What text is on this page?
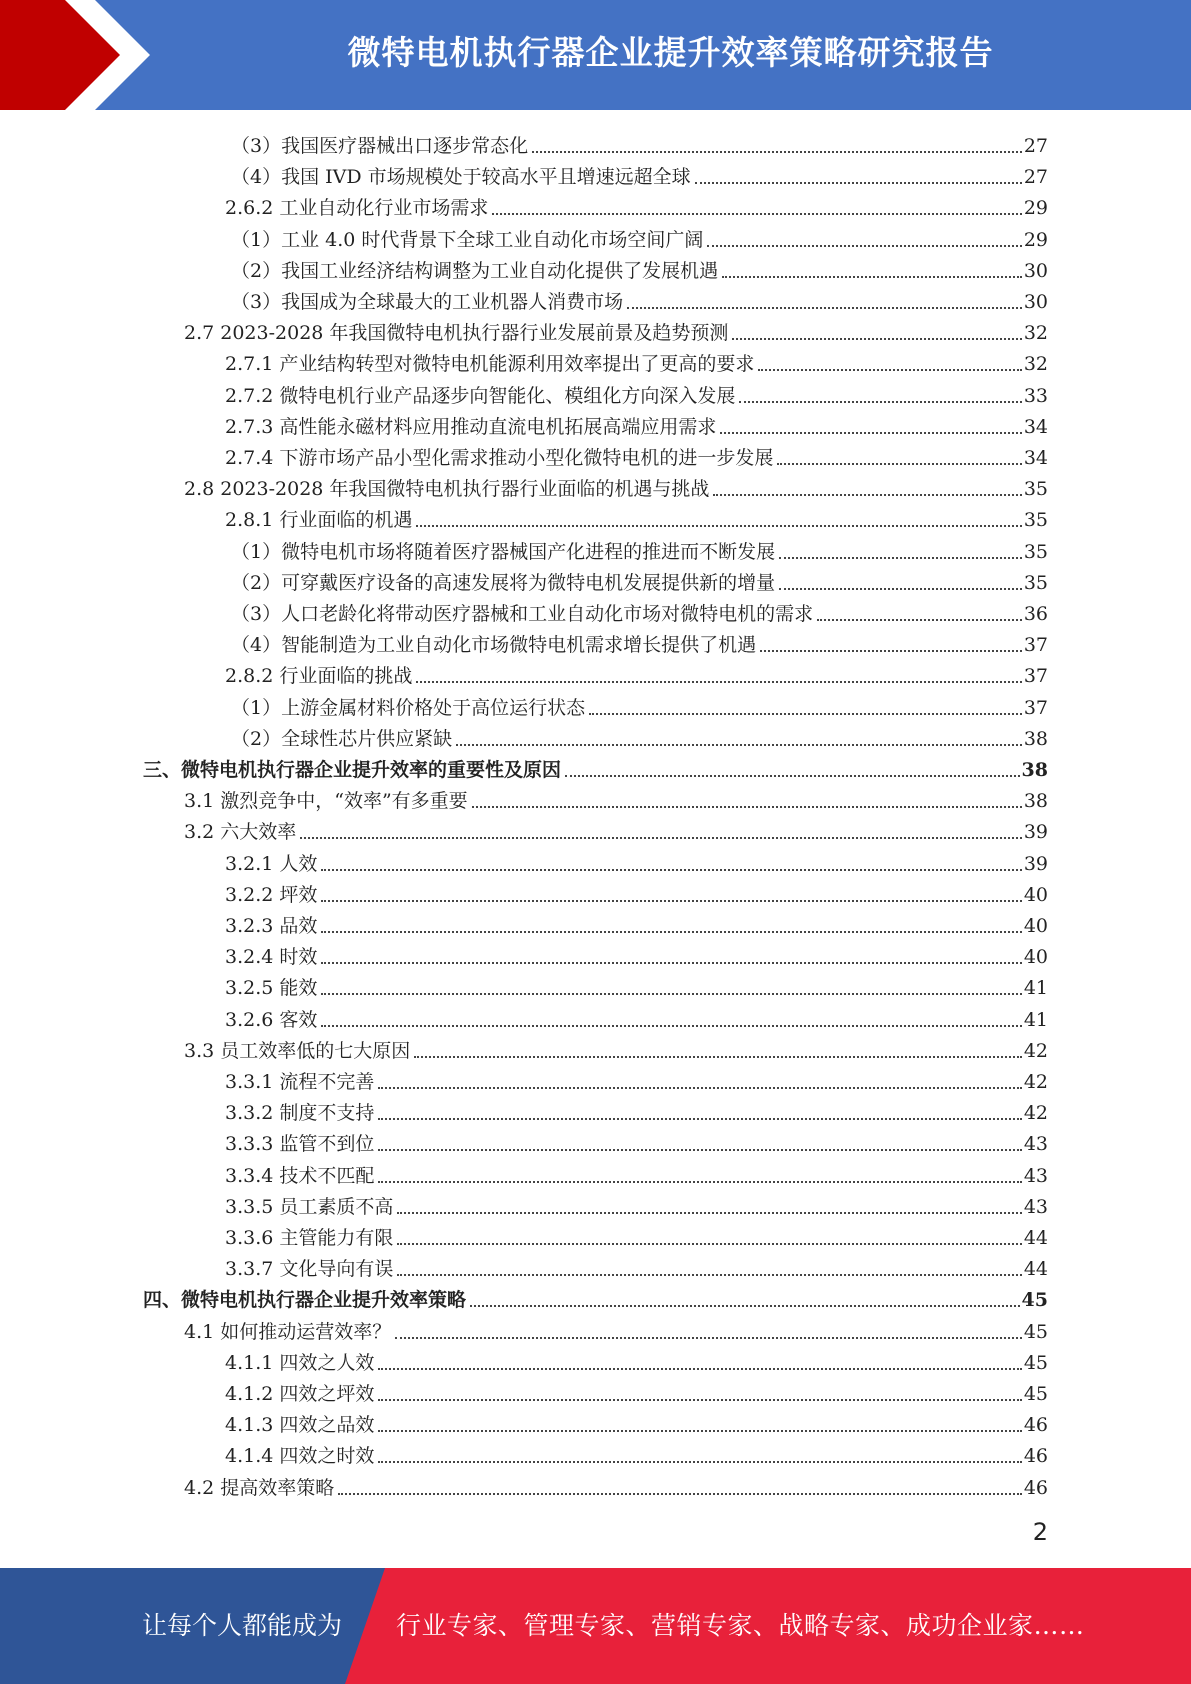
微特电机执行器企业提升效率策略研究报告
（3）我国医疗器械出口逐步常态化	27
（4）我国 IVD 市场规模处于较高水平且增速远超全球	27
2.6.2 工业自动化行业市场需求	29
（1）工业 4.0 时代背景下全球工业自动化市场空间广阔	29
（2）我国工业经济结构调整为工业自动化提供了发展机遇	30
（3）我国成为全球最大的工业机器人消费市场	30
2.7 2023-2028 年我国微特电机执行器行业发展前景及趋势预测	32
2.7.1 产业结构转型对微特电机能源利用效率提出了更高的要求	32
2.7.2 微特电机行业产品逐步向智能化、模组化方向深入发展	33
2.7.3 高性能永磁材料应用推动直流电机拓展高端应用需求	34
2.7.4 下游市场产品小型化需求推动小型化微特电机的进一步发展	34
2.8 2023-2028 年我国微特电机执行器行业面临的机遇与挑战	35
2.8.1 行业面临的机遇	35
（1）微特电机市场将随着医疗器械国产化进程的推进而不断发展	35
（2）可穿戴医疗设备的高速发展将为微特电机发展提供新的增量	35
（3）人口老龄化将带动医疗器械和工业自动化市场对微特电机的需求	36
（4）智能制造为工业自动化市场微特电机需求增长提供了机遇	37
2.8.2 行业面临的挑战	37
（1）上游金属材料价格处于高位运行状态	37
（2）全球性芯片供应紧缺	38
三、微特电机执行器企业提升效率的重要性及原因	38
3.1 激烈竞争中，“效率”有多重要	38
3.2 六大效率	39
3.2.1 人效	39
3.2.2 坪效	40
3.2.3 品效	40
3.2.4 时效	40
3.2.5 能效	41
3.2.6 客效	41
3.3 员工效率低的七大原因	42
3.3.1 流程不完善	42
3.3.2 制度不支持	42
3.3.3 监管不到位	43
3.3.4 技术不匹配	43
3.3.5 员工素质不高	43
3.3.6 主管能力有限	44
3.3.7 文化导向有误	44
四、微特电机执行器企业提升效率策略	45
4.1 如何推动运营效率？	45
4.1.1 四效之人效	45
4.1.2 四效之坪效	45
4.1.3 四效之品效	46
4.1.4 四效之时效	46
4.2 提高效率策略	46
2
让每个人都能成为 行业专家、管理专家、营销专家、战略专家、成功企业家……
